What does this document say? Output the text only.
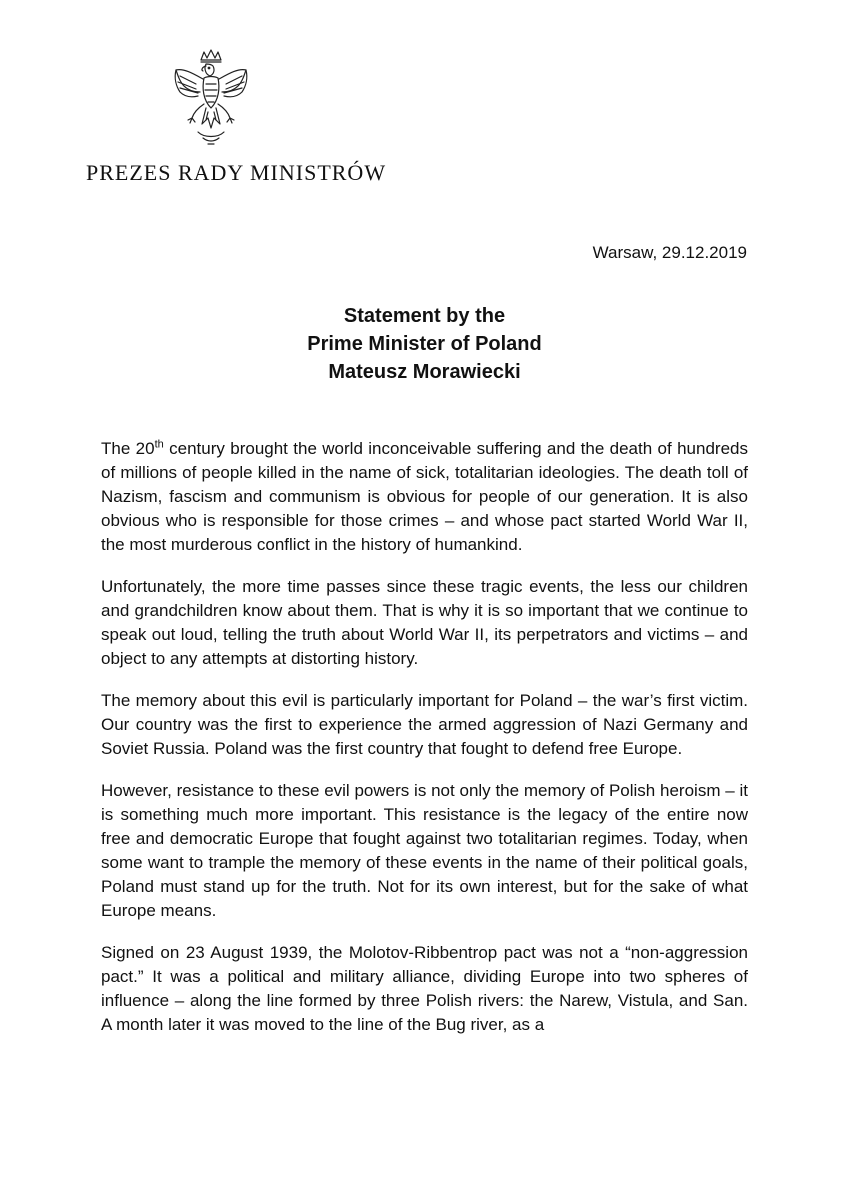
PREZES RADY MINISTRÓW
Warsaw, 29.12.2019
Statement by the
Prime Minister of Poland
Mateusz Morawiecki

The 20th century brought the world inconceivable suffering and the death of hundreds of millions of people killed in the name of sick, totalitarian ideologies. The death toll of Nazism, fascism and communism is obvious for people of our generation. It is also obvious who is responsible for those crimes – and whose pact started World War II, the most murderous conflict in the history of humankind.

Unfortunately, the more time passes since these tragic events, the less our children and grandchildren know about them. That is why it is so important that we continue to speak out loud, telling the truth about World War II, its perpetrators and victims – and object to any attempts at distorting history.

The memory about this evil is particularly important for Poland – the war’s first victim. Our country was the first to experience the armed aggression of Nazi Germany and Soviet Russia. Poland was the first country that fought to defend free Europe.

However, resistance to these evil powers is not only the memory of Polish heroism – it is something much more important. This resistance is the legacy of the entire now free and democratic Europe that fought against two totalitarian regimes. Today, when some want to trample the memory of these events in the name of their political goals, Poland must stand up for the truth. Not for its own interest, but for the sake of what Europe means.

Signed on 23 August 1939, the Molotov-Ribbentrop pact was not a “non-aggression pact.” It was a political and military alliance, dividing Europe into two spheres of influence – along the line formed by three Polish rivers: the Narew, Vistula, and San. A month later it was moved to the line of the Bug river, as a
